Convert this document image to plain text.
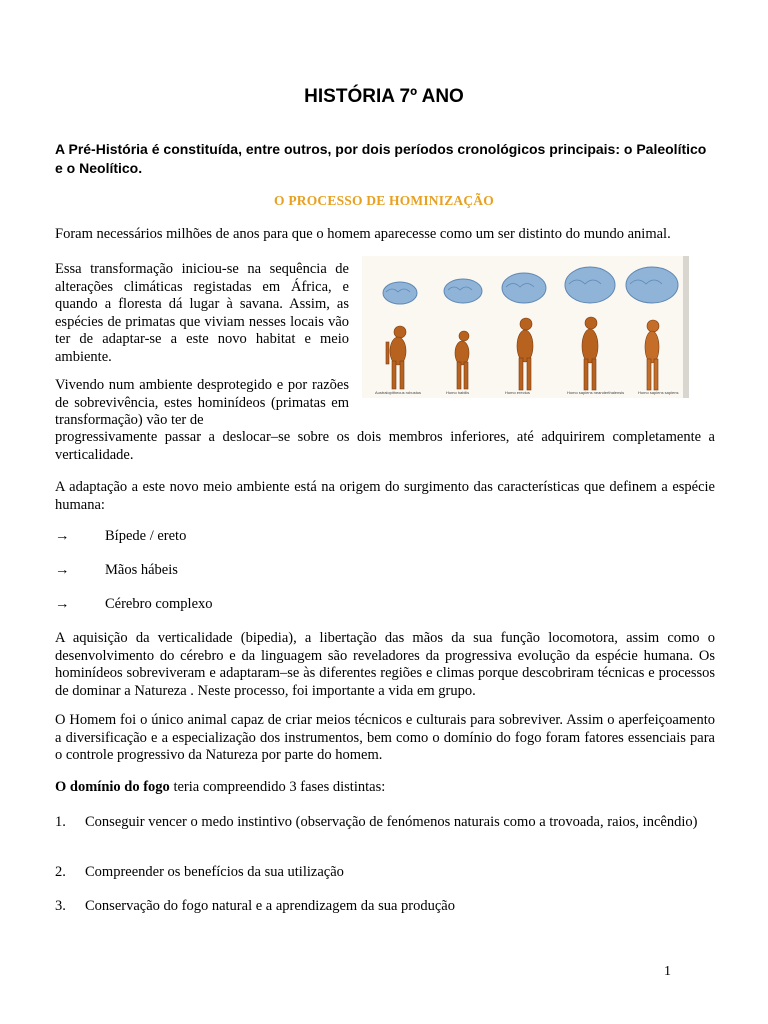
HISTÓRIA 7º ANO
A Pré-História é constituída, entre outros, por dois períodos cronológicos principais: o Paleolítico e o Neolítico.
O PROCESSO DE HOMINIZAÇÃO
Foram necessários milhões de anos para que o homem aparecesse como um ser distinto do mundo animal.
Essa transformação iniciou-se na sequência de alterações climáticas registadas em África, e quando a floresta dá lugar à savana. Assim, as espécies de primatas que viviam nesses locais vão ter de adaptar-se a este novo habitat e meio ambiente.
Vivendo num ambiente desprotegido e por razões de sobrevivência, estes hominídeos (primatas em transformação) vão ter de
progressivamente passar a deslocar–se sobre os dois membros inferiores, até adquirirem completamente a verticalidade.
Australopithecus robustus	Homo habilis	Homo erectus	Homo sapiens neanderthalensis	Homo sapiens sapiens
A adaptação a este novo meio ambiente está na origem do surgimento das características que definem a espécie humana:
→ Bípede / ereto
→ Mãos hábeis
→ Cérebro complexo
A aquisição da verticalidade (bipedia), a libertação das mãos da sua função locomotora, assim como o desenvolvimento do cérebro e da linguagem são reveladores da progressiva evolução da espécie humana. Os hominídeos sobreviveram e adaptaram–se às diferentes regiões e climas porque descobriram técnicas e processos de dominar a Natureza . Neste processo, foi importante a vida em grupo.
O Homem foi o único animal capaz de criar meios técnicos e culturais para sobreviver. Assim o aperfeiçoamento a diversificação e a especialização dos instrumentos, bem como o domínio do fogo foram fatores essenciais para o controle progressivo da Natureza por parte do homem.
O domínio do fogo teria compreendido 3 fases distintas:
1. Conseguir vencer o medo instintivo (observação de fenómenos naturais como a trovoada, raios, incêndio)
2. Compreender os benefícios da sua utilização
3. Conservação do fogo natural e a aprendizagem da sua produção
1
